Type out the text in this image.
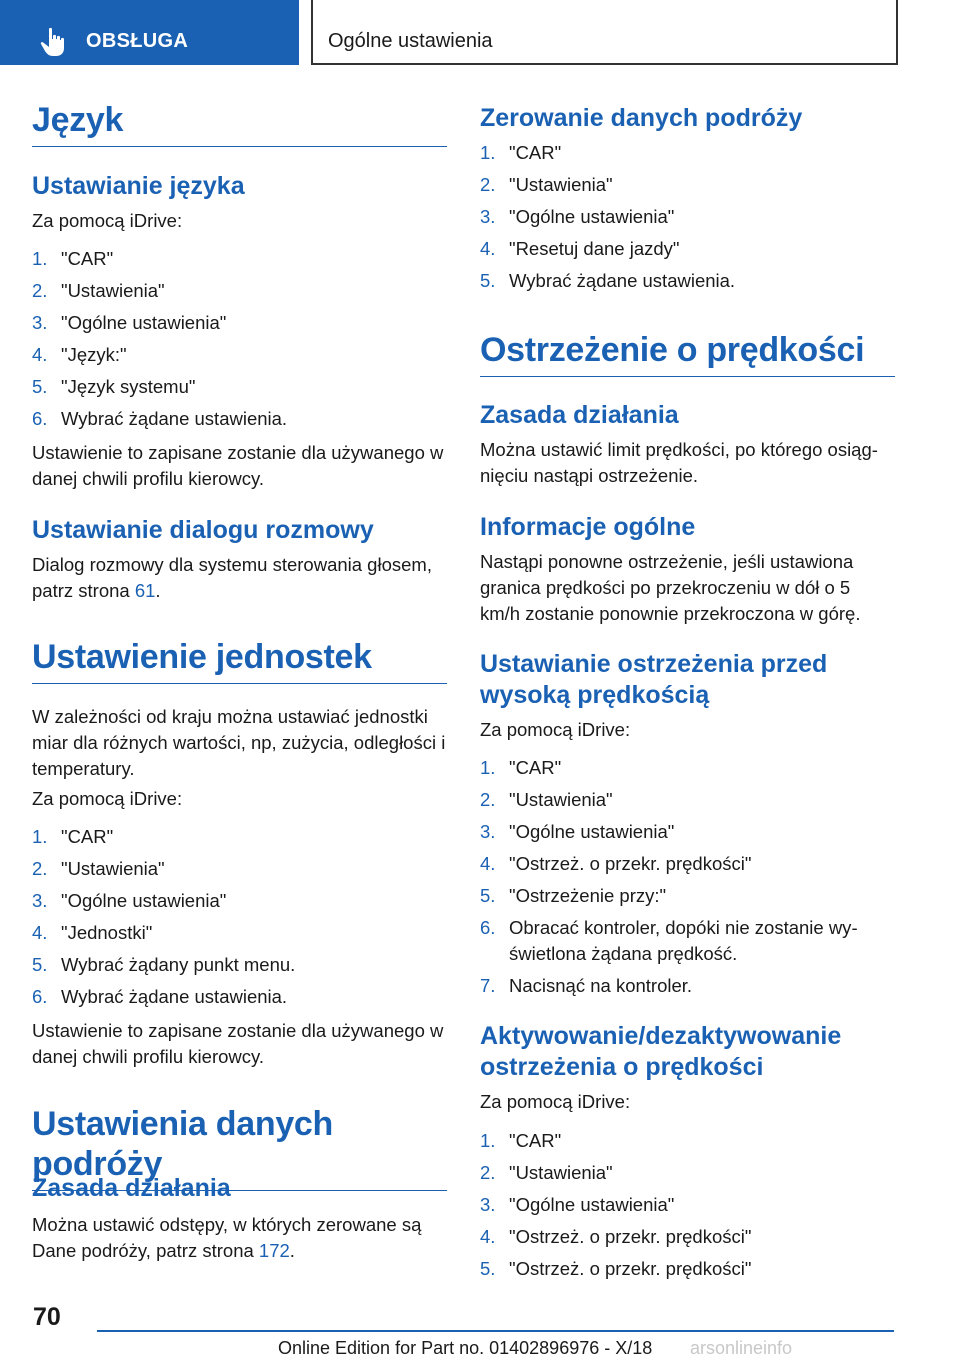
OBSŁUGA	Ogólne ustawienia
Język
Ustawianie języka
Za pomocą iDrive:
1. "CAR"
2. "Ustawienia"
3. "Ogólne ustawienia"
4. "Język:"
5. "Język systemu"
6. Wybrać żądane ustawienia.
Ustawienie to zapisane zostanie dla używanego w danej chwili profilu kierowcy.
Ustawianie dialogu rozmowy
Dialog rozmowy dla systemu sterowania głosem, patrz strona 61.
Ustawienie jednostek
W zależności od kraju można ustawiać jednostki miar dla różnych wartości, np, zużycia, odległości i temperatury.
Za pomocą iDrive:
1. "CAR"
2. "Ustawienia"
3. "Ogólne ustawienia"
4. "Jednostki"
5. Wybrać żądany punkt menu.
6. Wybrać żądane ustawienia.
Ustawienie to zapisane zostanie dla używanego w danej chwili profilu kierowcy.
Ustawienia danych podróży
Zasada działania
Można ustawić odstępy, w których zerowane są Dane podróży, patrz strona 172.
Zerowanie danych podróży
1. "CAR"
2. "Ustawienia"
3. "Ogólne ustawienia"
4. "Resetuj dane jazdy"
5. Wybrać żądane ustawienia.
Ostrzeżenie o prędkości
Zasada działania
Można ustawić limit prędkości, po którego osiągnięciu nastąpi ostrzeżenie.
Informacje ogólne
Nastąpi ponowne ostrzeżenie, jeśli ustawiona granica prędkości po przekroczeniu w dół o 5 km/h zostanie ponownie przekroczona w górę.
Ustawianie ostrzeżenia przed wysoką prędkością
Za pomocą iDrive:
1. "CAR"
2. "Ustawienia"
3. "Ogólne ustawienia"
4. "Ostrzeż. o przekr. prędkości"
5. "Ostrzeżenie przy:"
6. Obracać kontroler, dopóki nie zostanie wyświetlona żądana prędkość.
7. Nacisnąć na kontroler.
Aktywowanie/dezaktywowanie ostrzeżenia o prędkości
Za pomocą iDrive:
1. "CAR"
2. "Ustawienia"
3. "Ogólne ustawienia"
4. "Ostrzeż. o przekr. prędkości"
5. "Ostrzeż. o przekr. prędkości"
70
Online Edition for Part no. 01402896976 - X/18 arsonlineinfo
